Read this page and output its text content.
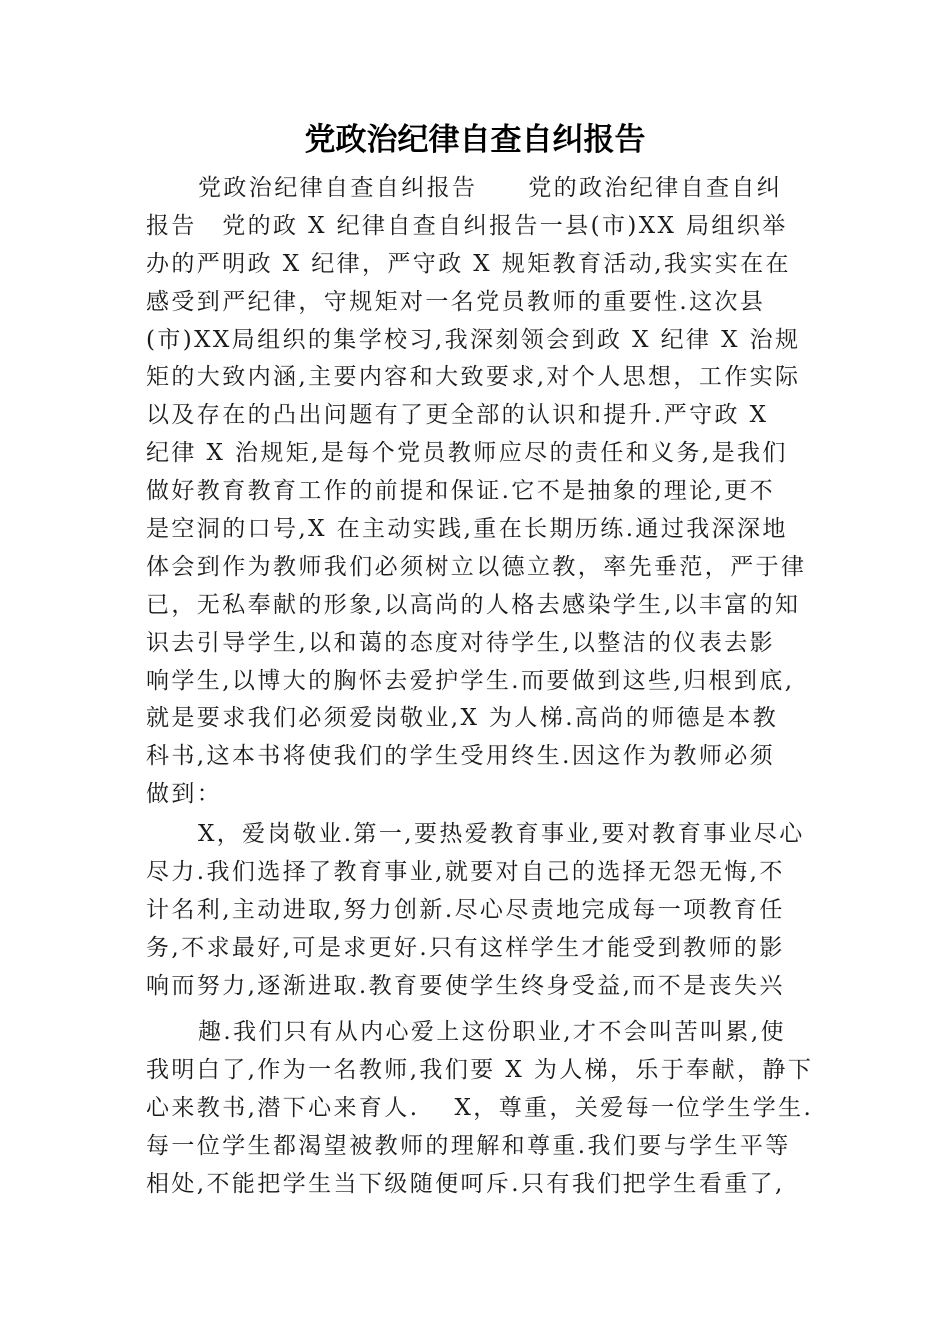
党政治纪律自查自纠报告
党政治纪律自查自纠报告　　党的政治纪律自查自纠
报告　党的政 X 纪律自查自纠报告一县(市)XX 局组织举
办的严明政 X 纪律，严守政 X 规矩教育活动,我实实在在
感受到严纪律，守规矩对一名党员教师的重要性.这次县
(市)XX局组织的集学校习,我深刻领会到政 X 纪律 X 治规
矩的大致内涵,主要内容和大致要求,对个人思想，工作实际
以及存在的凸出问题有了更全部的认识和提升.严守政 X
纪律 X 治规矩,是每个党员教师应尽的责任和义务,是我们
做好教育教育工作的前提和保证.它不是抽象的理论,更不
是空洞的口号,X 在主动实践,重在长期历练.通过我深深地
体会到作为教师我们必须树立以德立教，率先垂范，严于律
已，无私奉献的形象,以高尚的人格去感染学生,以丰富的知
识去引导学生,以和蔼的态度对待学生,以整洁的仪表去影
响学生,以博大的胸怀去爱护学生.而要做到这些,归根到底,
就是要求我们必须爱岗敬业,X 为人梯.高尚的师德是本教
科书,这本书将使我们的学生受用终生.因这作为教师必须
做到：
X，爱岗敬业.第一,要热爱教育事业,要对教育事业尽心
尽力.我们选择了教育事业,就要对自己的选择无怨无悔,不
计名利,主动进取,努力创新.尽心尽责地完成每一项教育任
务,不求最好,可是求更好.只有这样学生才能受到教师的影
响而努力,逐渐进取.教育要使学生终身受益,而不是丧失兴
趣.我们只有从内心爱上这份职业,才不会叫苦叫累,使
我明白了,作为一名教师,我们要 X 为人梯，乐于奉献，静下
心来教书,潜下心来育人.　 X，尊重，关爱每一位学生学生.
每一位学生都渴望被教师的理解和尊重.我们要与学生平等
相处,不能把学生当下级随便呵斥.只有我们把学生看重了,
